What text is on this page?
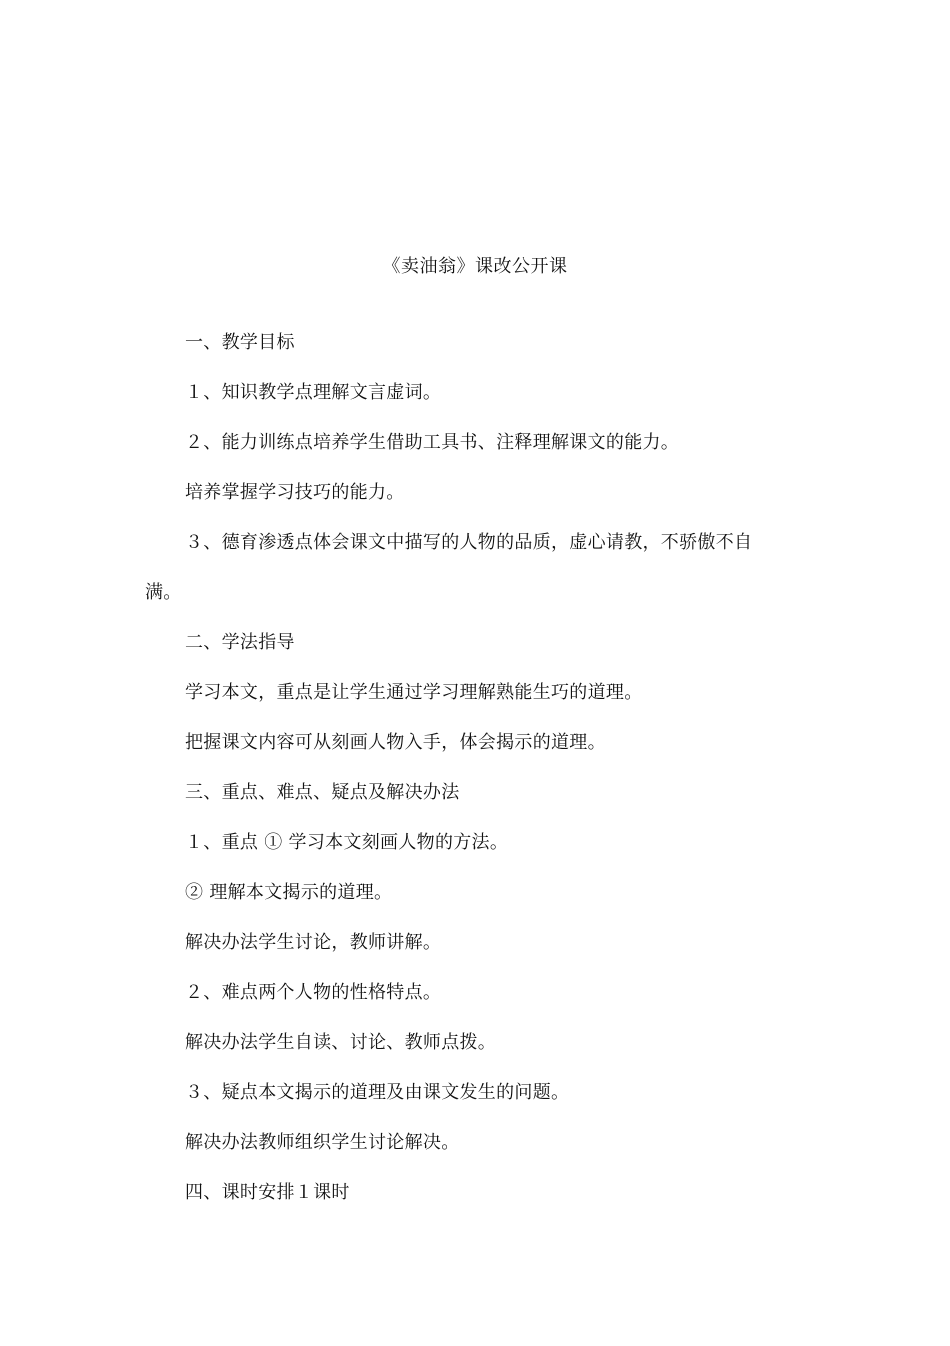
《卖油翁》课改公开课

一、教学目标

１、知识教学点理解文言虚词。

２、能力训练点培养学生借助工具书、注释理解课文的能力。

培养掌握学习技巧的能力。

３、德育渗透点体会课文中描写的人物的品质，虚心请教，不骄傲不自满。

二、学法指导

学习本文，重点是让学生通过学习理解熟能生巧的道理。

把握课文内容可从刻画人物入手，体会揭示的道理。

三、重点、难点、疑点及解决办法

１、重点 ① 学习本文刻画人物的方法。

② 理解本文揭示的道理。

解决办法学生讨论，教师讲解。

２、难点两个人物的性格特点。

解决办法学生自读、讨论、教师点拨。

３、疑点本文揭示的道理及由课文发生的问题。

解决办法教师组织学生讨论解决。

四、课时安排１课时
